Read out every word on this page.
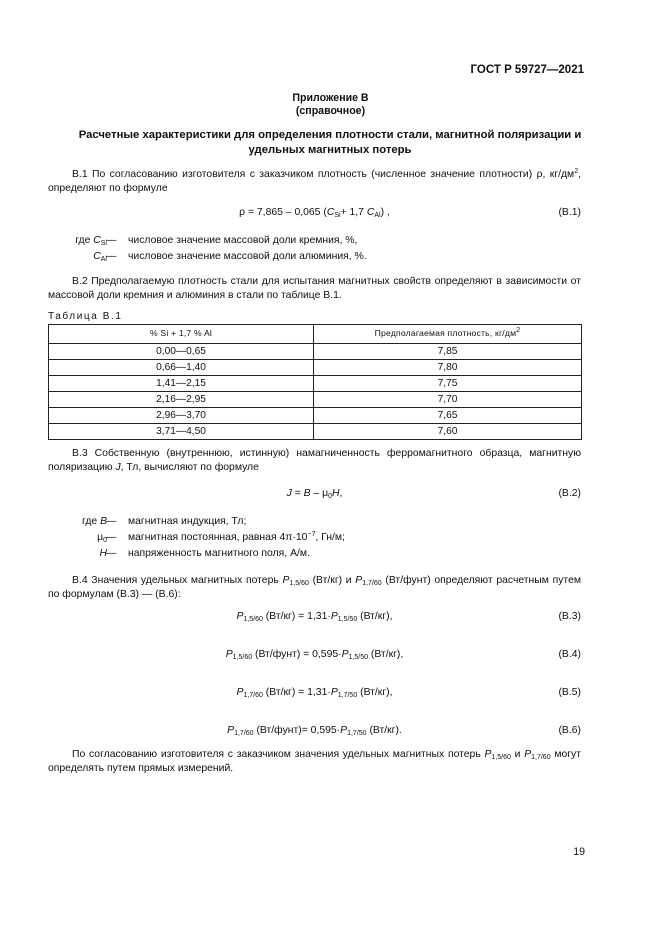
ГОСТ Р 59727—2021
Приложение В
(справочное)
Расчетные характеристики для определения плотности стали, магнитной поляризации и удельных магнитных потерь
В.1 По согласованию изготовителя с заказчиком плотность (численное значение плотности) ρ, $кг/дм^2$, определяют по формуле
ρ = 7,865 – 0,065 ($C_{Si}+ 1,7$ $C_{Al}$) ,	(В.1)
где $C_{Si}$ — числовое значение массовой доли кремния, %,
$C_{Al}$ — числовое значение массовой доли алюминия, %.
В.2 Предполагаемую плотность стали для испытания магнитных свойств определяют в зависимости от массовой доли кремния и алюминия в стали по таблице В.1.
Таблица В.1
% Si + 1,7 % Al	Предполагаемая плотность, $кг/дм^2$
0,00—0,65	7,85
0,66—1,40	7,80
1,41—2,15	7,75
2,16—2,95	7,70
2,96—3,70	7,65
3,71—4,50	7,60
В.3 Собственную (внутреннюю, истинную) намагниченность ферромагнитного образца, магнитную поляризацию J, Тл, вычисляют по формуле
$J = B - \mu_0H$,	(В.2)
где B — магнитная индукция, Тл;
$\mu_0$ — магнитная постоянная, равная $4\pi\cdot 10^{-7}$, Гн/м;
H — напряженность магнитного поля, А/м.
В.4 Значения удельных магнитных потерь $P_{1,5/60}$ (Вт/кг) и $P_{1,7/60}$ (Вт/фунт) определяют расчетным путем по формулам (В.3) — (В.6):
$P_{1,5/60}$ $(Вт/кг) = 1,31\cdot P_{1,5/50}$ (Вт/кг),	(В.3)
$P_{1,5/60}$ (Вт/фунт) = $0,595\cdot P_{1,5/50}$ (Вт/кг),	(В.4)
$P_{1,7/60}$ $(Вт/кг) = 1,31\cdot P_{1,7/50}$ (Вт/кг),	(В.5)
$P_{1,7/60}$ (Вт/фунт)= $0,595\cdot P_{1,7/50}$ (Вт/кг).	(В.6)
По согласованию изготовителя с заказчиком значения удельных магнитных потерь $P_{1,5/60}$ и $P_{1,7/60}$ могут определять путем прямых измерений.
19
